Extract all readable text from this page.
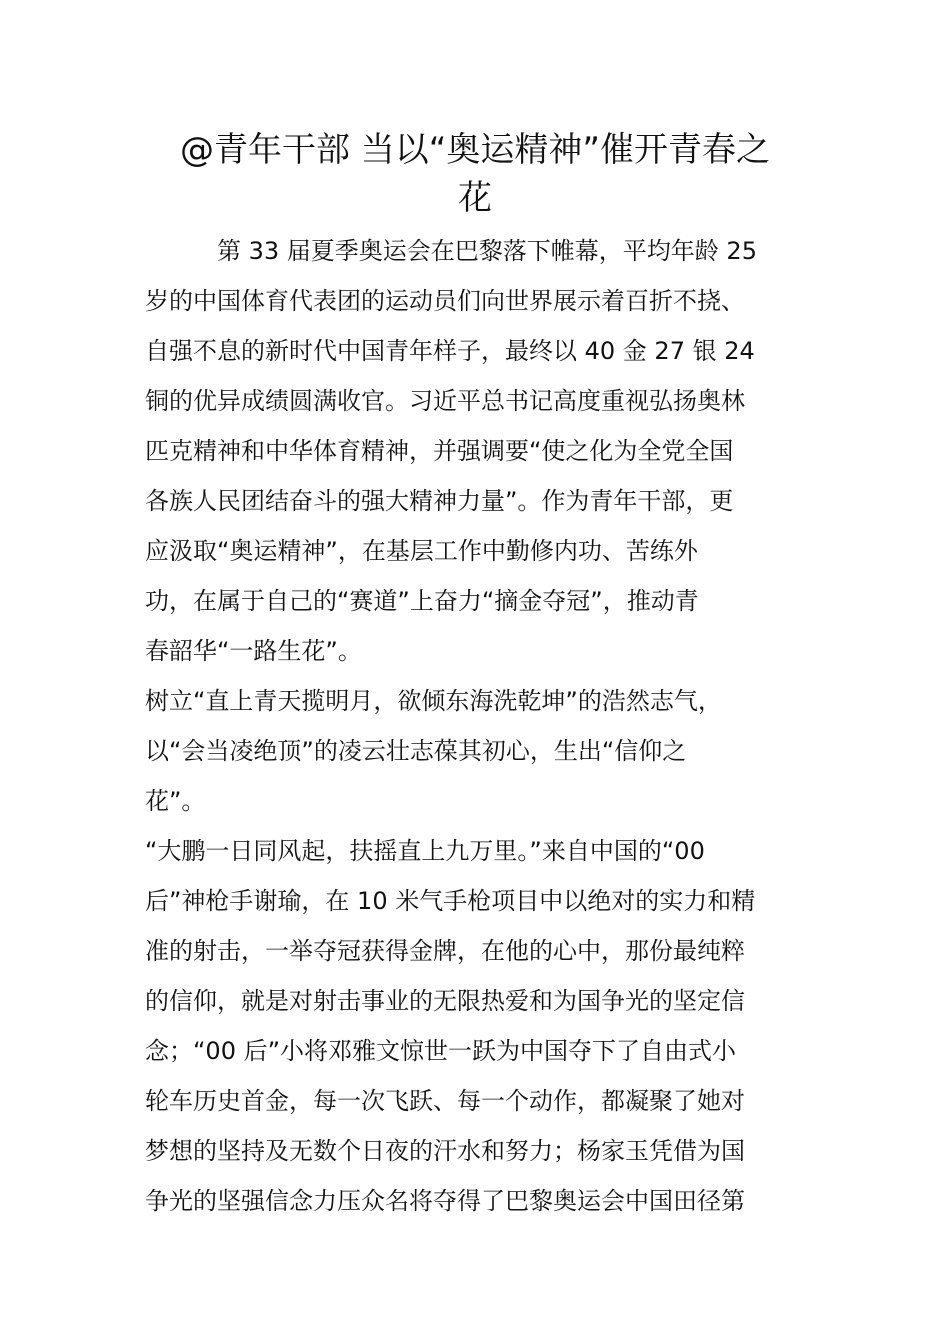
@青年干部 当以“奥运精神”催开青春之
花
　　　第 33 届夏季奥运会在巴黎落下帷幕，平均年龄 25
岁的中国体育代表团的运动员们向世界展示着百折不挠、
自强不息的新时代中国青年样子，最终以 40 金 27 银 24
铜的优异成绩圆满收官。习近平总书记高度重视弘扬奥林
匹克精神和中华体育精神，并强调要“使之化为全党全国
各族人民团结奋斗的强大精神力量”。作为青年干部，更
应汲取“奥运精神”，在基层工作中勤修内功、苦练外
功，在属于自己的“赛道”上奋力“摘金夺冠”，推动青
春韶华“一路生花”。
树立“直上青天揽明月，欲倾东海洗乾坤”的浩然志气，
以“会当凌绝顶”的凌云壮志葆其初心，生出“信仰之
花”。
“大鹏一日同风起，扶摇直上九万里。”来自中国的“00
后”神枪手谢瑜，在 10 米气手枪项目中以绝对的实力和精
准的射击，一举夺冠获得金牌，在他的心中，那份最纯粹
的信仰，就是对射击事业的无限热爱和为国争光的坚定信
念；“00 后”小将邓雅文惊世一跃为中国夺下了自由式小
轮车历史首金，每一次飞跃、每一个动作，都凝聚了她对
梦想的坚持及无数个日夜的汗水和努力；杨家玉凭借为国
争光的坚强信念力压众名将夺得了巴黎奥运会中国田径第
